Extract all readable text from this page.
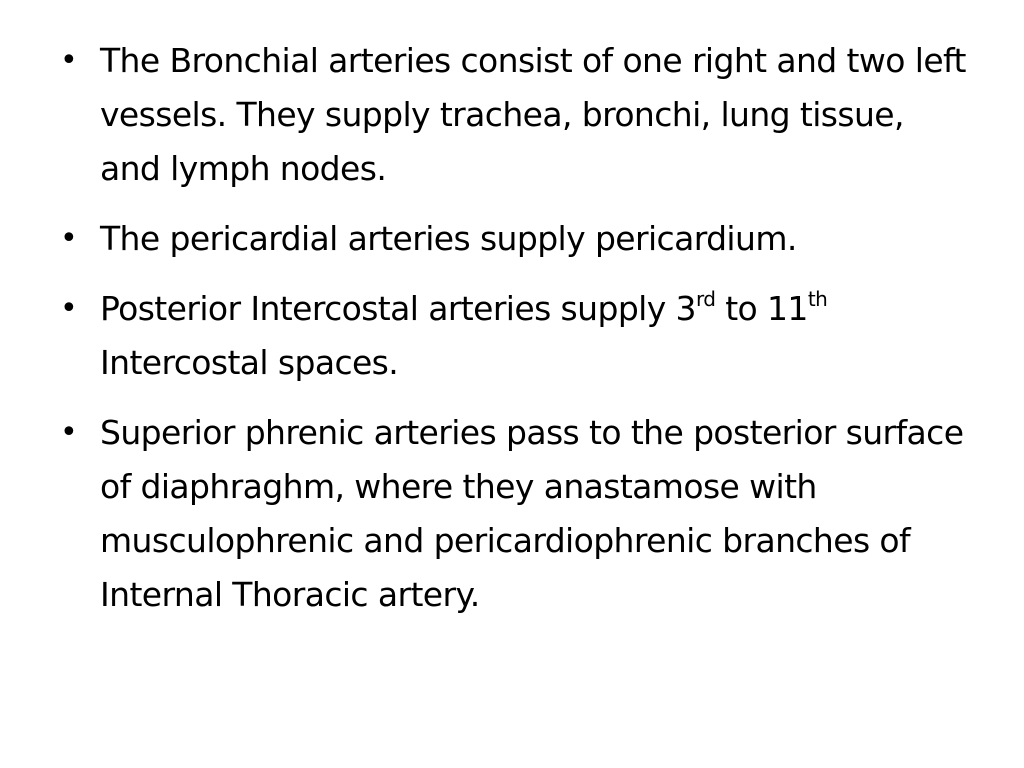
• The Bronchial arteries consist of one right and two left vessels. They supply trachea, bronchi, lung tissue, and lymph nodes.
• The pericardial arteries supply pericardium.
• Posterior Intercostal arteries supply 3rd to 11th Intercostal spaces.
• Superior phrenic arteries pass to the posterior surface of diaphraghm, where they anastamose with musculophrenic and pericardiophrenic branches of Internal Thoracic artery.
